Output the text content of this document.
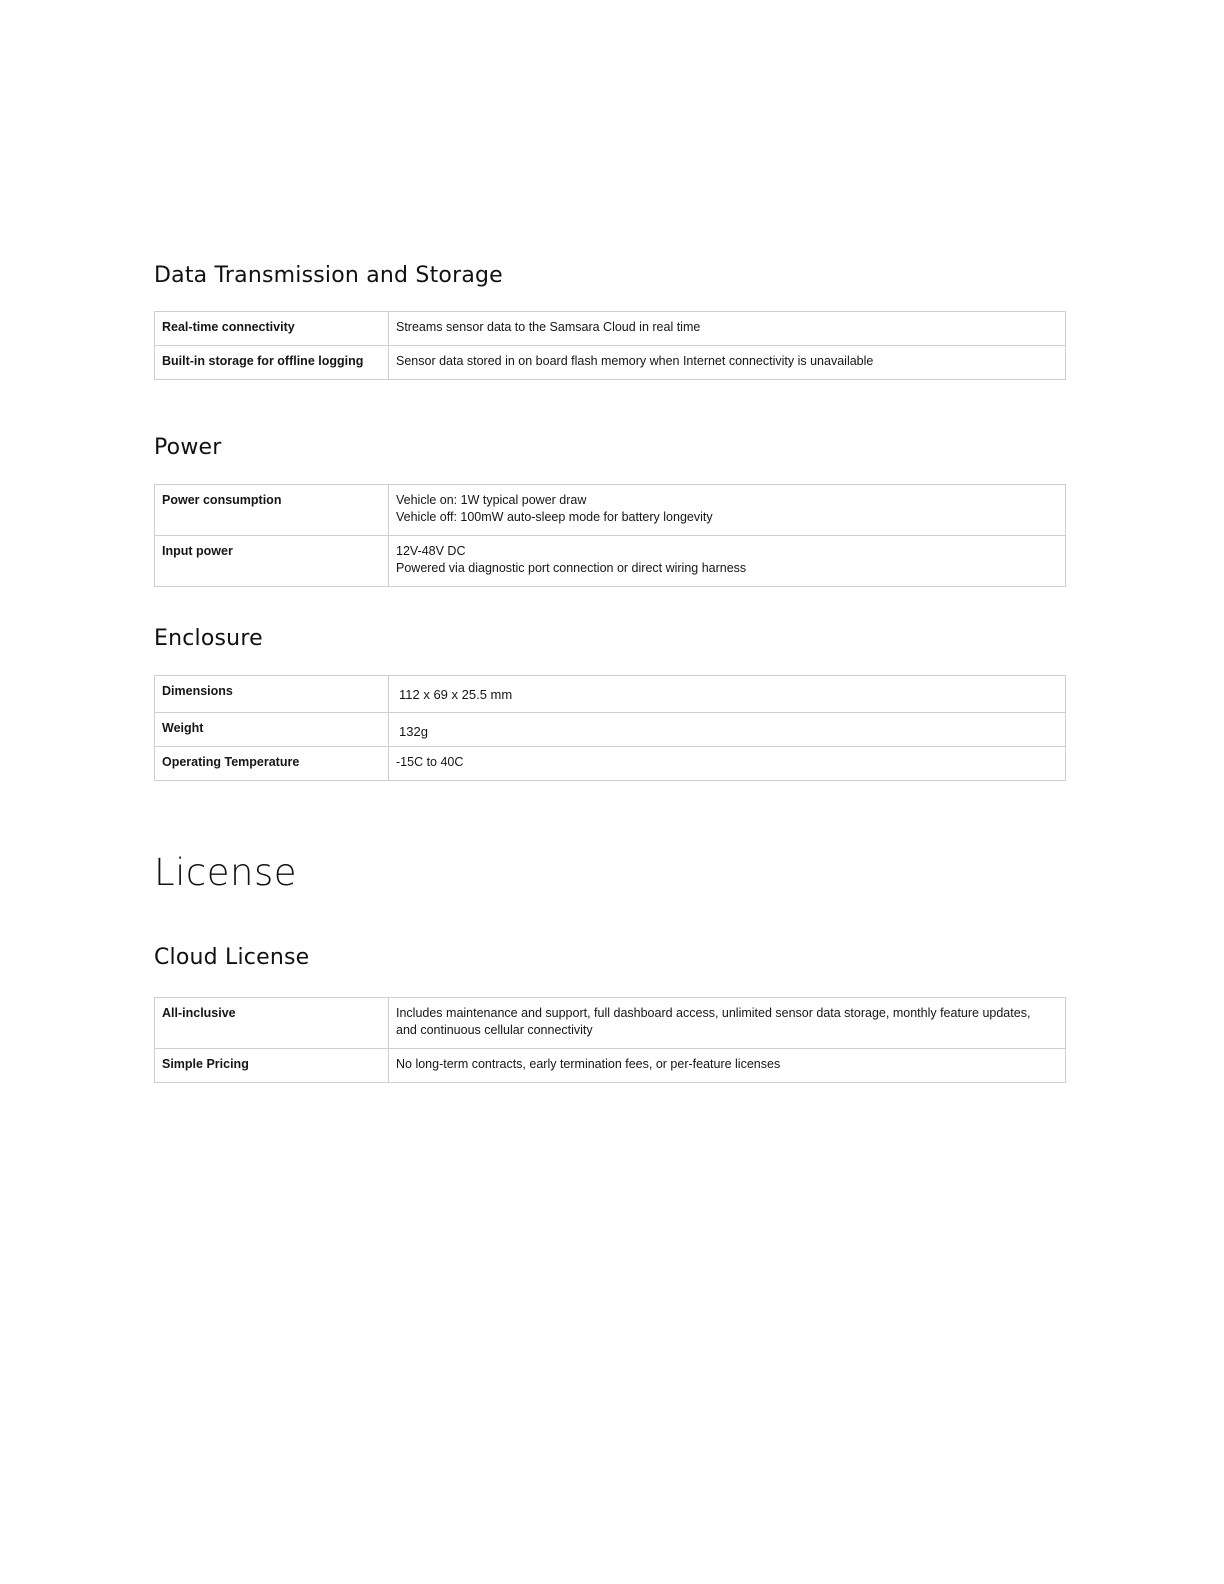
Data Transmission and Storage
Real-time connectivity	Streams sensor data to the Samsara Cloud in real time

Built-in storage for offline logging	Sensor data stored in on board flash memory when Internet connectivity is unavailable
Power
Power consumption	Vehicle on: 1W typical power draw
Vehicle off: 100mW auto-sleep mode for battery longevity

Input power	12V-48V DC
Powered via diagnostic port connection or direct wiring harness
Enclosure
Dimensions	112 x 69 x 25.5 mm

Weight	132g

Operating Temperature	-15C to 40C
License
Cloud License
All-inclusive	Includes maintenance and support, full dashboard access, unlimited sensor data storage, monthly feature updates,
and continuous cellular connectivity

Simple Pricing	No long-term contracts, early termination fees, or per-feature licenses
